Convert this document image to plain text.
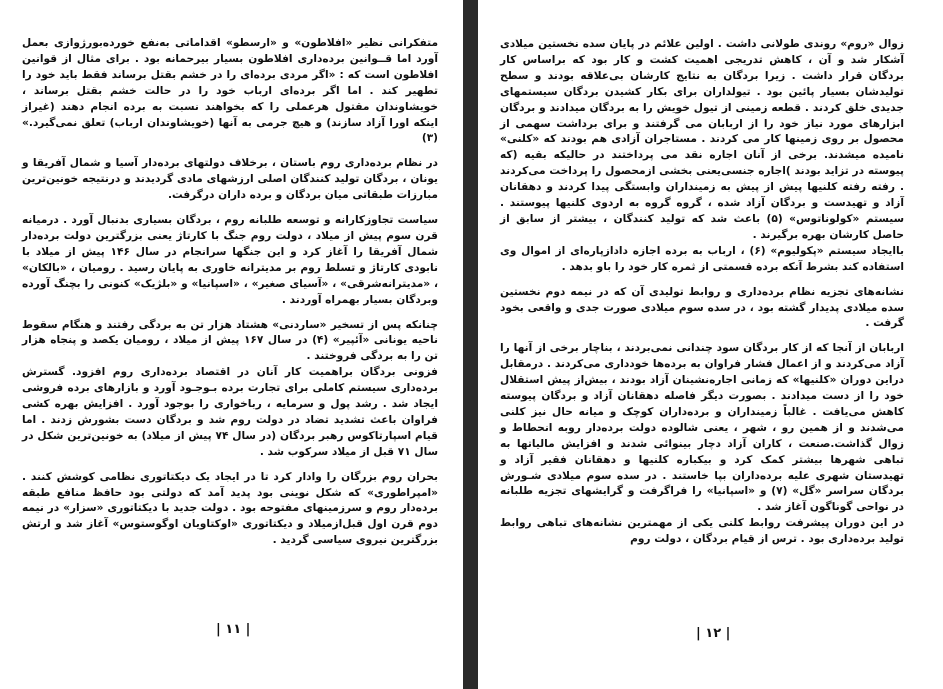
متفکرانی نظیر «افلاطون» و «ارسطو» اقداماتی به‌نفع خورده‌بورژوازی بعمل آورد اما قــوانین برده‌داری افلاطون بسیار بیرحمانه بود . برای مثال از قوانین افلاطون است که : «اگر مردی برده‌ای را در خشم بقتل برساند فقط باید خود را تطهیر کند . اما اگر برده‌ای ارباب خود را در حالت خشم بقتل برساند ، خویشاوندان مقتول هرعملی را که بخواهند نسبت به برده انجام دهند (غیراز اینکه اورا آزاد سازند) و هیچ جرمی به آنها (خویشاوندان ارباب) تعلق نمی‌گیرد.» (۳)

در نظام برده‌داری روم باستان ، برخلاف دولتهای برده‌دار آسیا و شمال آفریقا و یونان ، بردگان تولید کنندگان اصلی ارزشهای مادی گردیدند و درنتیجه خونین‌ترین مبارزات طبقاتی میان بردگان و برده داران درگرفت.

سیاست تجاوزکارانه و توسعه طلبانه روم ، بردگان بسیاری بدنبال آورد . درمیانه قرن سوم پیش از میلاد ، دولت روم جنگ با کارتاژ یعنی بزرگترین دولت برده‌دار شمال آفریقا را آغاز کرد و این جنگها سرانجام در سال ۱۴۶ پیش از میلاد با نابودی کارتاژ و تسلط روم بر مدیترانه خاوری به پایان رسید . رومیان ، «بالکان» ، «مدیترانه‌شرقی» ، «آسیای صغیر» ، «اسپانیا» و «بلژیک» کنونی را بچنگ آورده وبردگان بسیار بهمراه آوردند .

چنانکه پس از تسخیر «ساردنی» هشتاد هزار تن به بردگی رفتند و هنگام سقوط ناحیه یونانی «آئپیر» (۴) در سال ۱۶۷ پیش از میلاد ، رومیان یکصد و پنجاه هزار تن را به بردگی فروختند .

فزونی بردگان براهمیت کار آنان در اقتصاد برده‌داری روم افزود. گسترش برده‌داری سیستم کاملی برای تجارت برده بـوجـود آورد و بازارهای برده فروشی ایجاد شد . رشد پول و سرمایه ، رباخواری را بوجود آورد . افزایش بهره کشی فراوان باعث تشدید تضاد در دولت روم شد و بردگان دست بشورش زدند . اما قیام اسپارتاکوس رهبر بردگان (در سال ۷۴ پیش از میلاد) به خونین‌ترین شکل در سال ۷۱ قبل از میلاد سرکوب شد .

بحران روم بزرگان را وادار کرد تا در ایجاد یک دیکتاتوری نظامی کوشش کنند . «امپراطوری» که شکل نوینی بود پدید آمد که دولتی بود حافظ منافع طبقه برده‌دار روم و سرزمینهای مفتوحه بود . دولت جدید با دیکتاتوری «سزار» در نیمه دوم قرن اول قبل‌ازمیلاد و دیکتاتوری «اوکتاویان اوگوستوس» آغاز شد و ارتش بزرگترین نیروی سیاسی گردید .

| ۱۱ |

زوال «روم» روندی طولانی داشت . اولین علائم در پایان سده نخستین میلادی آشکار شد و آن ، کاهش تدریجی اهمیت کشت و کار بود که براساس کار بردگان قرار داشت . زیرا بردگان به نتایج کارشان بی‌علاقه بودند و سطح تولیدشان بسیار پائین بود . تیولداران برای بکار کشیدن بردگان سیستمهای جدیدی خلق کردند . قطعه زمینی از تیول خویش را به بردگان میدادند و بردگان ابزارهای مورد نیاز خود را از اربابان می گرفتند و برای برداشت سهمی از محصول بر روی زمینها کار می کردند . مستاجران آزادی هم بودند که «کلنی» نامیده میشدند. برخی از آنان اجاره نقد می پرداختند در حالیکه بقیه (که پیوسته در تزاید بودند )اجاره جنسی‌یعنی بخشی ازمحصول را پرداخت می‌کردند . رفته رفته کلنیها پیش از پیش به زمینداران وابستگی پیدا کردند و دهقانان آزاد و تهیدست و بردگان آزاد شده ، گروه گروه به اردوی کلنیها پیوستند . سیستم «کولوناتوس» (۵) باعث شد که تولید کنندگان ، بیشتر از سابق از حاصل کارشان بهره برگیرند .

باایجاد سیستم «پکولیوم» (۶) ، ارباب به برده اجازه دادازپاره‌ای از اموال وی استفاده کند بشرط آنکه برده قسمتی از ثمره کار خود را باو بدهد .

نشانه‌های تجزیه نظام برده‌داری و روابط تولیدی آن که در نیمه دوم نخستین سده میلادی پدیدار گشته بود ، در سده سوم میلادی صورت جدی و واقعی بخود گرفت .

اربابان از آنجا که از کار بردگان سود چندانی نمی‌بردند ، بناچار برخی از آنها را آزاد می‌کردند و از اعمال فشار فراوان به برده‌ها خودداری می‌کردند . درمقابل دراین دوران «کلنیها» که زمانی اجاره‌نشینان آزاد بودند ، بیش‌از پیش استقلال خود را از دست میدادند . بصورت دیگر فاصله دهقانان آزاد و بردگان پیوسته کاهش می‌یافت . غالباً زمینداران و برده‌داران کوچک و میانه حال نیز کلنی می‌شدند و از همین رو ، شهر ، یعنی شالوده دولت برده‌دار روبه انحطاط و زوال گذاشت.صنعت ، کاران آزاد دچار بینوائی شدند و افزایش مالیاتها به تباهی شهرها بیشتر کمک کرد و بیکباره کلنیها و دهقانان فقیر آزاد و تهیدستان شهری علیه برده‌داران بپا خاستند . در سده سوم میلادی شـورش بردگان سراسر «گل» (۷) و «اسپانیا» را فراگرفت و گرایشهای تجزیه طلبانه در نواحی گوناگون آغاز شد .

در این دوران پیشرفت روابط کلنی یکی از مهمترین نشانه‌های تباهی روابط تولید برده‌داری بود . ترس از قیام بردگان ، دولت روم

| ۱۲ |
